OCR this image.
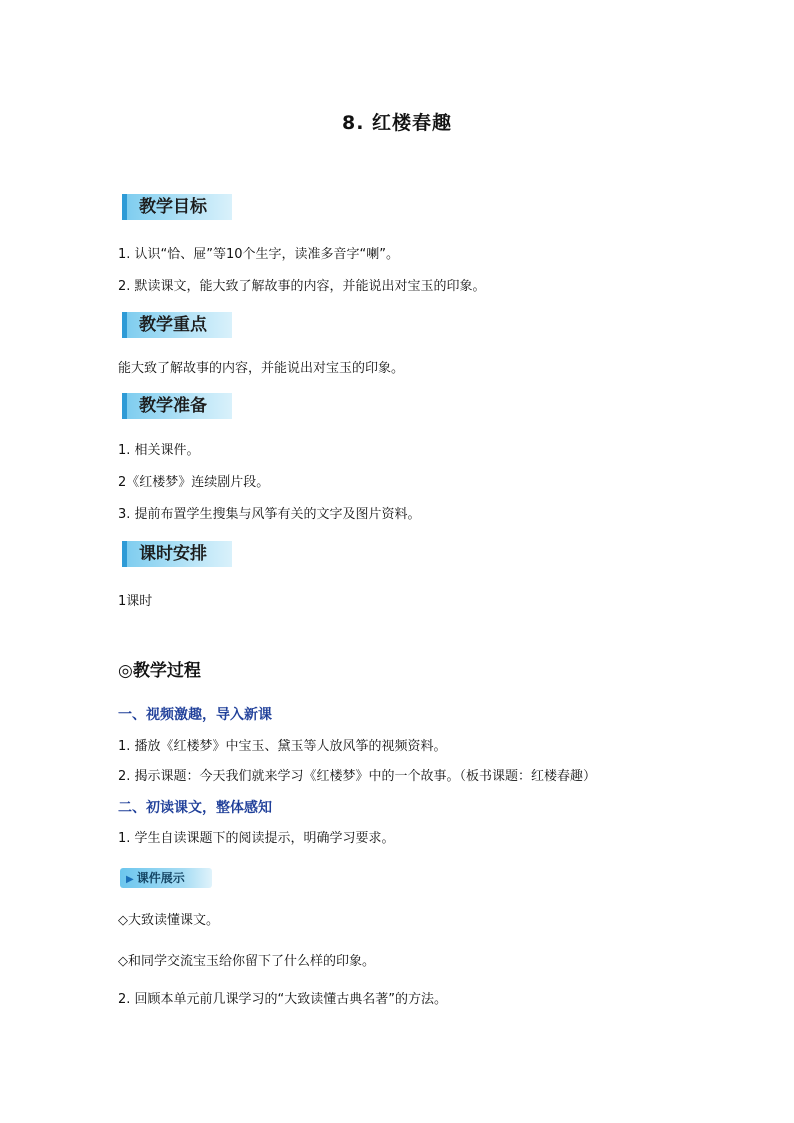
8. 红楼春趣
教学目标
1. 认识“恰、屉”等10个生字，读准多音字“喇”。
2. 默读课文，能大致了解故事的内容，并能说出对宝玉的印象。
教学重点
能大致了解故事的内容，并能说出对宝玉的印象。
教学准备
1. 相关课件。
2《红楼梦》连续剧片段。
3. 提前布置学生搜集与风筝有关的文字及图片资料。
课时安排
1课时
◎教学过程
一、视频激趣，导入新课
1. 播放《红楼梦》中宝玉、黛玉等人放风筝的视频资料。
2. 揭示课题：今天我们就来学习《红楼梦》中的一个故事。（板书课题：红楼春趣）
二、初读课文，整体感知
1. 学生自读课题下的阅读提示，明确学习要求。
▶ 课件展示
◇大致读懂课文。
◇和同学交流宝玉给你留下了什么样的印象。
2. 回顾本单元前几课学习的“大致读懂古典名著”的方法。
